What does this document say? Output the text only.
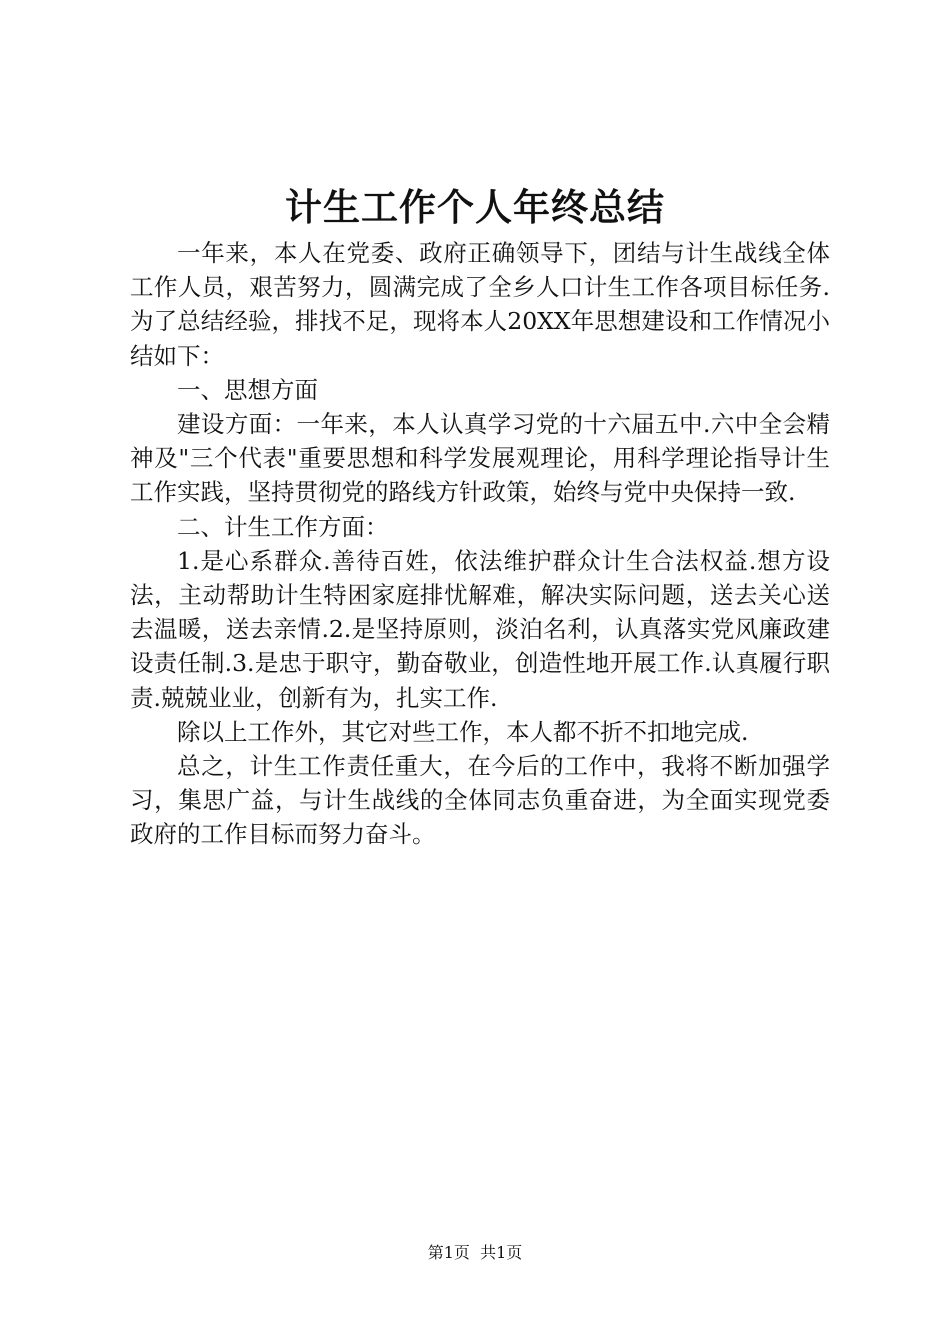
计生工作个人年终总结

一年来，本人在党委、政府正确领导下，团结与计生战线全体工作人员，艰苦努力，圆满完成了全乡人口计生工作各项目标任务.为了总结经验，排找不足，现将本人20XX年思想建设和工作情况小结如下：

一、思想方面

建设方面：一年来，本人认真学习党的十六届五中.六中全会精神及"三个代表"重要思想和科学发展观理论，用科学理论指导计生工作实践，坚持贯彻党的路线方针政策，始终与党中央保持一致.

二、计生工作方面：

1.是心系群众.善待百姓，依法维护群众计生合法权益.想方设法，主动帮助计生特困家庭排忧解难，解决实际问题，送去关心送去温暖，送去亲情.2.是坚持原则，淡泊名利，认真落实党风廉政建设责任制.3.是忠于职守，勤奋敬业，创造性地开展工作.认真履行职责.兢兢业业，创新有为，扎实工作.

除以上工作外，其它对些工作，本人都不折不扣地完成.

总之，计生工作责任重大，在今后的工作中，我将不断加强学习，集思广益，与计生战线的全体同志负重奋进，为全面实现党委政府的工作目标而努力奋斗。

第1页 共1页
